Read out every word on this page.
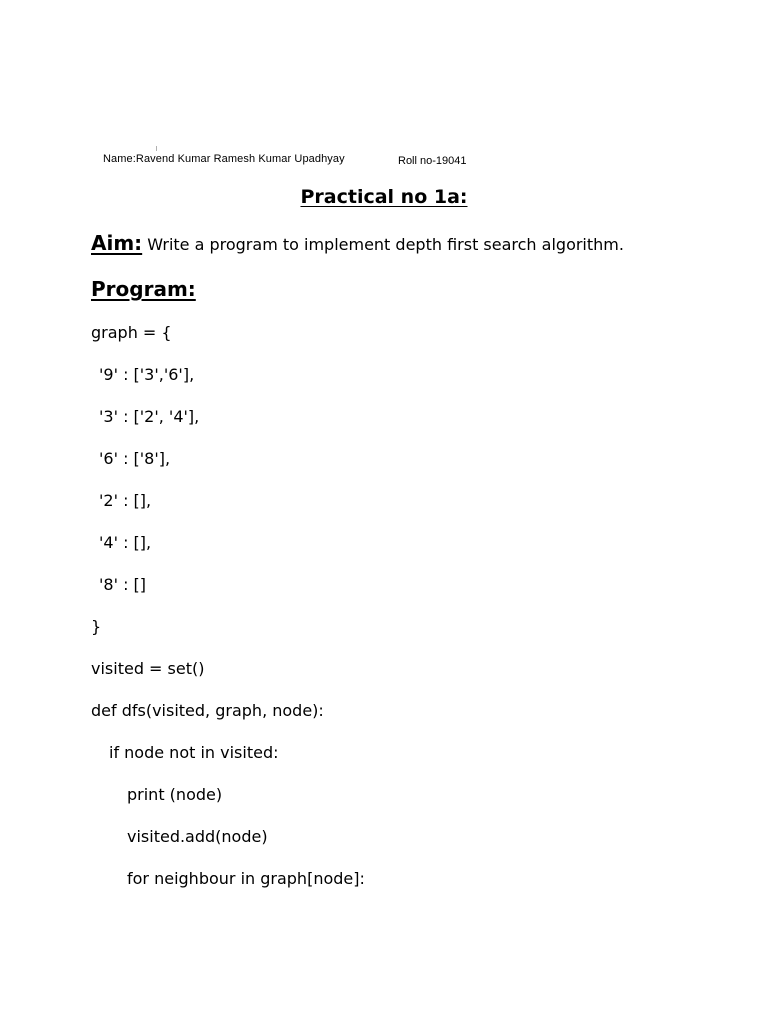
Name:Ravend Kumar Ramesh Kumar Upadhyay	Roll no-19041
Practical no 1a:
Aim: Write a program to implement depth first search algorithm.
Program:
graph = {
'9' : ['3','6'],
'3' : ['2', '4'],
'6' : ['8'],
'2' : [],
'4' : [],
'8' : []
}
visited = set()
def dfs(visited, graph, node):
if node not in visited:
print (node)
visited.add(node)
for neighbour in graph[node]:
